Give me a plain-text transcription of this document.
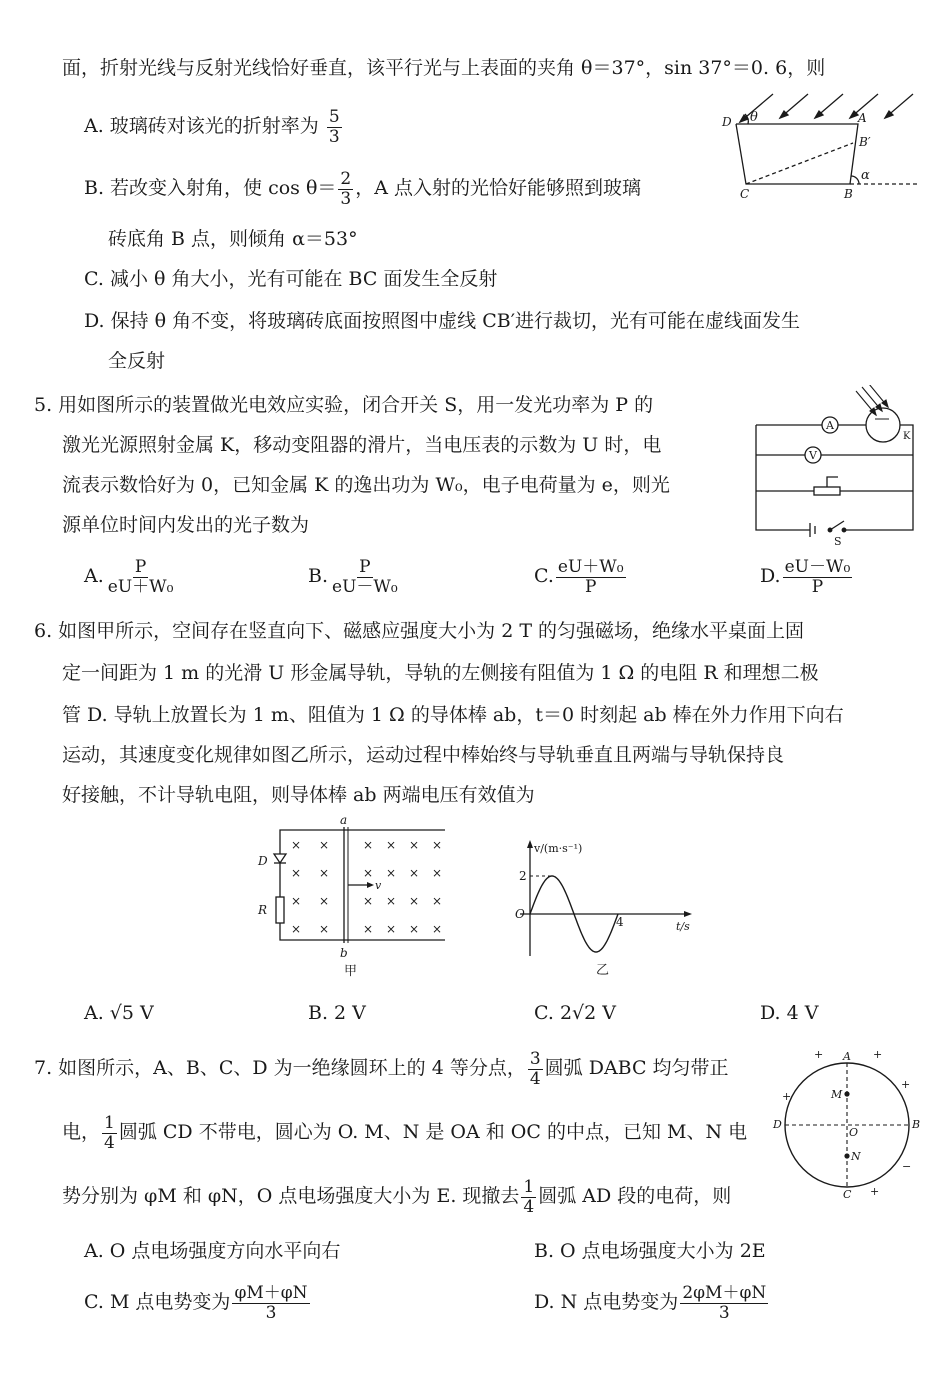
面，折射光线与反射光线恰好垂直，该平行光与上表面的夹角 θ＝37°，sin 37°＝0. 6，则
A. 玻璃砖对该光的折射率为 $\frac{5}{3}$
B. 若改变入射角，使 $\cos \theta= \frac{2}{3}$ ，A 点入射的光恰好能够照到玻璃
砖底角 B 点，则倾角 α＝53°
C. 减小 θ 角大小，光有可能在 BC 面发生全反射
D. 保持 θ 角不变，将玻璃砖底面按照图中虚线 CB′进行裁切，光有可能在虚线面发生
全反射
D θ	A
B′
α
C	B
5. 用如图所示的装置做光电效应实验，闭合开关 S，用一发光功率为 P 的
激光光源照射金属 K，移动变阻器的滑片，当电压表的示数为 U 时，电
流表示数恰好为 0，已知金属 K 的逸出功为 W₀，电子电荷量为 e，则光
源单位时间内发出的光子数为
A. $\frac{P}{\text{eU＋W₀}}$	B. $\frac{P}{\text{eU－W₀}}$	C. $\frac{\text{eU＋W₀}}{P}$	D. $\frac{\text{eU－W₀}}{P}$
A
V
K
S
6. 如图甲所示，空间存在竖直向下、磁感应强度大小为 2 T 的匀强磁场，绝缘水平桌面上固
定一间距为 1 m 的光滑 U 形金属导轨，导轨的左侧接有阻值为 1 Ω 的电阻 R 和理想二极
管 D. 导轨上放置长为 1 m、阻值为 1 Ω 的导体棒 ab，t＝0 时刻起 ab 棒在外力作用下向右
运动，其速度变化规律如图乙所示，运动过程中棒始终与导轨垂直且两端与导轨保持良
好接触，不计导轨电阻，则导体棒 ab 两端电压有效值为
× ×	× × × ×
× ×	× × × ×
× ×	× × × ×
× ×	× × × ×
a
b
D
R
v
甲
v/(m·s⁻¹)
t/s
O
2
4
乙
A. √5 V	B. 2 V	C. 2√2 V	D. 4 V
7. 如图所示，A、B、C、D 为一绝缘圆环上的 4 等分点， $\frac{3}{4}$ 圆弧 DABC 均匀带正
电， $\frac{1}{4}$ 圆弧 CD 不带电，圆心为 O. M、N 是 OA 和 OC 的中点，已知 M、N 电
势分别为 φM 和 φN，O 点电场强度大小为 E. 现撤去 $\frac{1}{4}$ 圆弧 AD 段的电荷，则
A. O 点电场强度方向水平向右	B. O 点电场强度大小为 2E
C. M 点电势变为 $\frac{\varphi M+\varphi N}{3}$	D. N 点电势变为 $\frac{2\varphi M+\varphi N}{3}$
A
B
C
D
M
N
O
+
+
−
+
+
+
